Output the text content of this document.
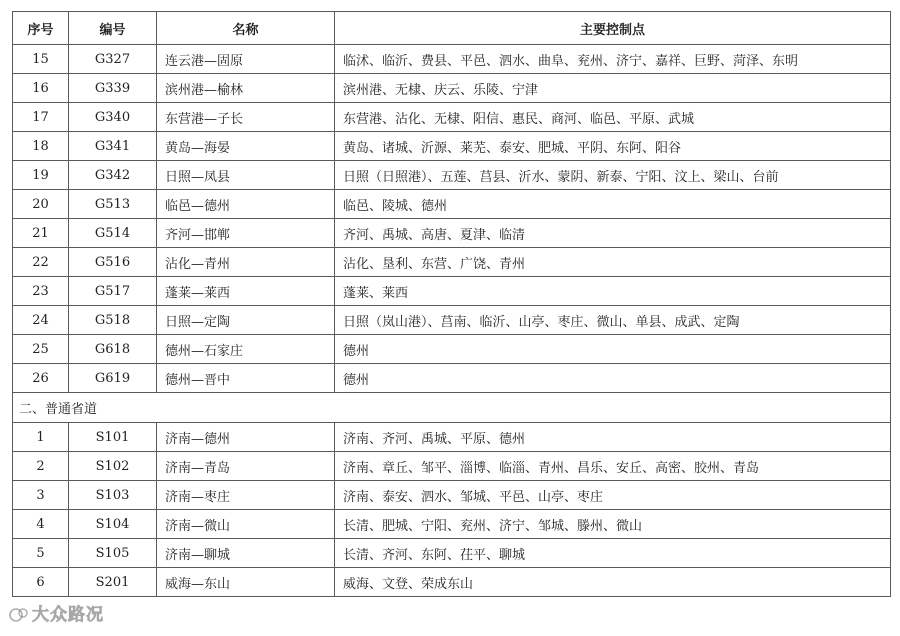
序号	编号	名称	主要控制点
15	G327	连云港—固原	临沭、临沂、费县、平邑、泗水、曲阜、兖州、济宁、嘉祥、巨野、菏泽、东明
16	G339	滨州港—榆林	滨州港、无棣、庆云、乐陵、宁津
17	G340	东营港—子长	东营港、沾化、无棣、阳信、惠民、商河、临邑、平原、武城
18	G341	黄岛—海晏	黄岛、诸城、沂源、莱芜、泰安、肥城、平阴、东阿、阳谷
19	G342	日照—凤县	日照（日照港）、五莲、莒县、沂水、蒙阴、新泰、宁阳、汶上、梁山、台前
20	G513	临邑—德州	临邑、陵城、德州
21	G514	齐河—邯郸	齐河、禹城、高唐、夏津、临清
22	G516	沾化—青州	沾化、垦利、东营、广饶、青州
23	G517	蓬莱—莱西	蓬莱、莱西
24	G518	日照—定陶	日照（岚山港）、莒南、临沂、山亭、枣庄、微山、单县、成武、定陶
25	G618	德州—石家庄	德州
26	G619	德州—晋中	德州
二、普通省道			
1	S101	济南—德州	济南、齐河、禹城、平原、德州
2	S102	济南—青岛	济南、章丘、邹平、淄博、临淄、青州、昌乐、安丘、高密、胶州、青岛
3	S103	济南—枣庄	济南、泰安、泗水、邹城、平邑、山亭、枣庄
4	S104	济南—微山	长清、肥城、宁阳、兖州、济宁、邹城、滕州、微山
5	S105	济南—聊城	长清、齐河、东阿、茌平、聊城
6	S201	威海—东山	威海、文登、荣成东山
大众路况
